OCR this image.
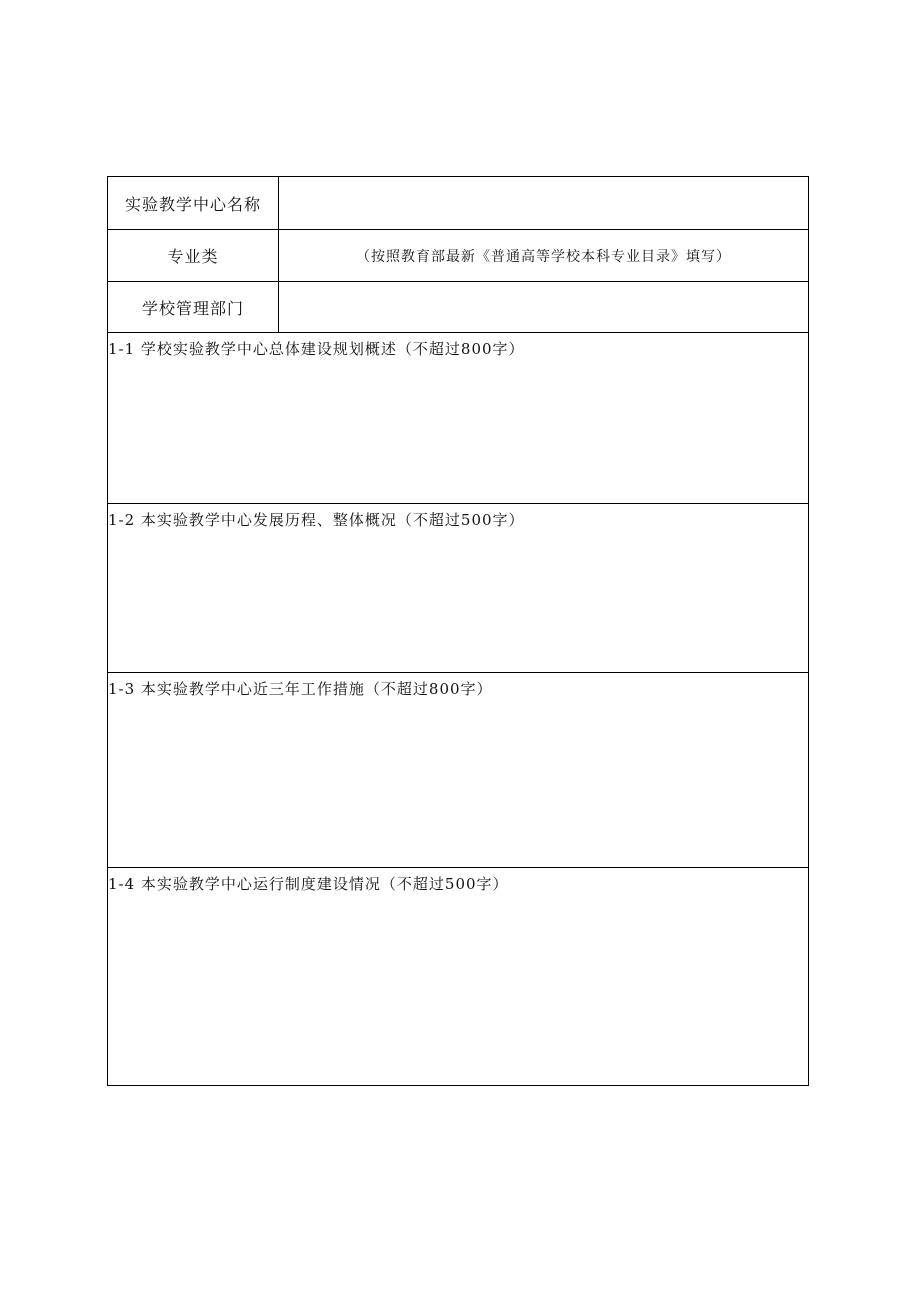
实验教学中心名称
专业类	（按照教育部最新《普通高等学校本科专业目录》填写）
学校管理部门
1-1 学校实验教学中心总体建设规划概述（不超过800字）
1-2 本实验教学中心发展历程、整体概况（不超过500字）
1-3 本实验教学中心近三年工作措施（不超过800字）
1-4 本实验教学中心运行制度建设情况（不超过500字）
